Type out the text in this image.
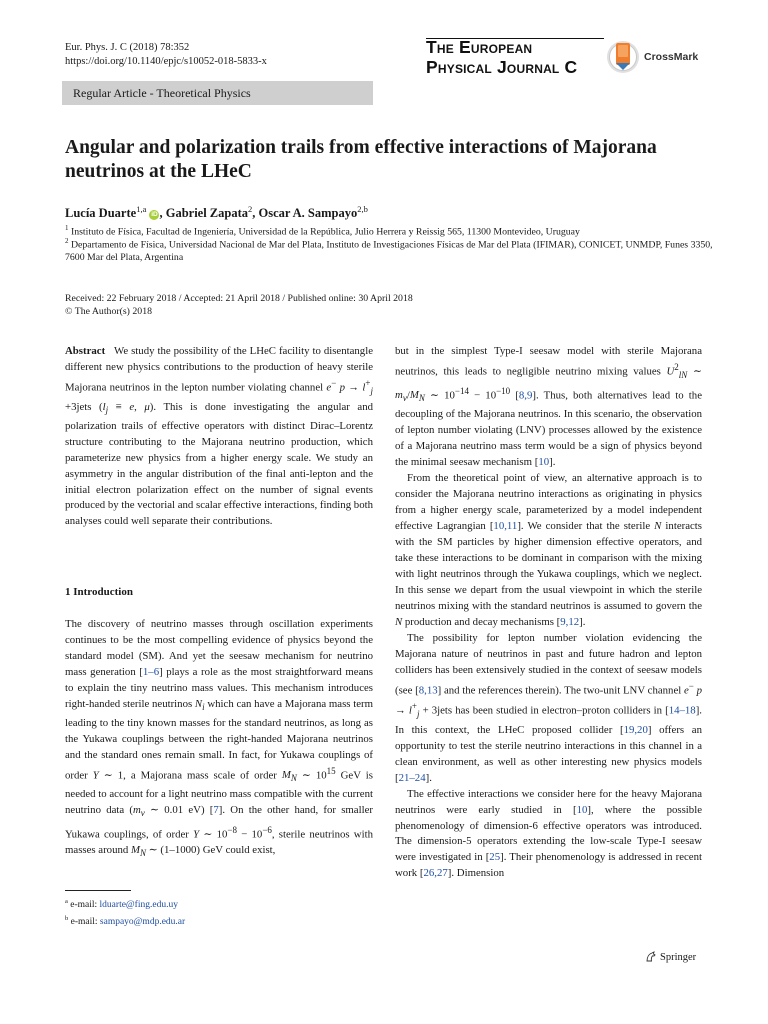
Eur. Phys. J. C (2018) 78:352
https://doi.org/10.1140/epjc/s10052-018-5833-x
The European
Physical Journal C	CrossMark
Regular Article - Theoretical Physics
Angular and polarization trails from effective interactions of Majorana neutrinos at the LHeC
Lucía Duarte$^{1,a}$ iD , Gabriel Zapata$^2$, Oscar A. Sampayo$^{2,b}$
$^1$ Instituto de Física, Facultad de Ingeniería, Universidad de la República, Julio Herrera y Reissig 565, 11300 Montevideo, Uruguay
$^2$ Departamento de Física, Universidad Nacional de Mar del Plata, Instituto de Investigaciones Físicas de Mar del Plata (IFIMAR), CONICET, UNMDP, Funes 3350, 7600 Mar del Plata, Argentina
Received: 22 February 2018 / Accepted: 21 April 2018 / Published online: 30 April 2018
© The Author(s) 2018

Abstract   We study the possibility of the LHeC facility to disentangle different new physics contributions to the production of heavy sterile Majorana neutrinos in the lepton number violating channel e− $p \to l^+_j$ +3jets ($l_j \equiv e$, μ). This is done investigating the angular and polarization trails of effective operators with distinct Dirac–Lorentz structure contributing to the Majorana neutrino production, which parameterize new physics from a higher energy scale. We study an asymmetry in the angular distribution of the final anti-lepton and the initial electron polarization effect on the number of signal events produced by the vectorial and scalar effective interactions, finding both analyses could well separate their contributions.

1 Introduction

The discovery of neutrino masses through oscillation experiments continues to be the most compelling evidence of physics beyond the standard model (SM). And yet the seesaw mechanism for neutrino mass generation [1–6] plays a role as the most straightforward means to explain the tiny neutrino mass values. This mechanism introduces right-handed sterile neutrinos $N_i$ which can have a Majorana mass term leading to the tiny known masses for the standard neutrinos, as long as the Yukawa couplings between the right-handed Majorana neutrinos and the standard ones remain small. In fact, for Yukawa couplings of order Y ∼ 1, a Majorana mass scale of order $M_N$ ∼ $10^{15}$ GeV is needed to account for a light neutrino mass compatible with the current neutrino data ($m_\nu$ ∼ 0.01 eV) [7]. On the other hand, for smaller Yukawa couplings, of order Y ∼ $10^{-8} - 10^{-6}$, sterile neutrinos with masses around $M_N$ ∼ (1–1000) GeV could exist,

$^a$ e-mail: lduarte@fing.edu.uy
$^b$ e-mail: sampayo@mdp.edu.ar

but in the simplest Type-I seesaw model with sterile Majorana neutrinos, this leads to negligible neutrino mixing values $U^2_{lN}$ ∼ $m_\nu/M_N$ ∼ $10^{-14} - 10^{-10}$ [8,9]. Thus, both alternatives lead to the decoupling of the Majorana neutrinos. In this scenario, the observation of lepton number violating (LNV) processes allowed by the existence of a Majorana neutrino mass term would be a sign of physics beyond the minimal seesaw mechanism [10].

From the theoretical point of view, an alternative approach is to consider the Majorana neutrino interactions as originating in physics from a higher energy scale, parameterized by a model independent effective Lagrangian [10,11]. We consider that the sterile N interacts with the SM particles by higher dimension effective operators, and take these interactions to be dominant in comparison with the mixing with light neutrinos through the Yukawa couplings, which we neglect. In this sense we depart from the usual viewpoint in which the sterile neutrinos mixing with the standard neutrinos is assumed to govern the N production and decay mechanisms [9,12].

The possibility for lepton number violation evidencing the Majorana nature of neutrinos in past and future hadron and lepton colliders has been extensively studied in the context of seesaw models (see [8,13] and the references therein). The two-unit LNV channel e− $p \to l^+_j$ + 3jets has been studied in electron–proton colliders in [14–18]. In this context, the LHeC proposed collider [19,20] offers an opportunity to test the sterile neutrino interactions in this channel in a clean environment, as well as other interesting new physics models [21–24].

The effective interactions we consider here for the heavy Majorana neutrinos were early studied in [10], where the possible phenomenology of dimension-6 effective operators was introduced. The dimension-5 operators extending the low-scale Type-I seesaw were investigated in [25]. Their phenomenology is addressed in recent work [26,27]. Dimension

Springer
